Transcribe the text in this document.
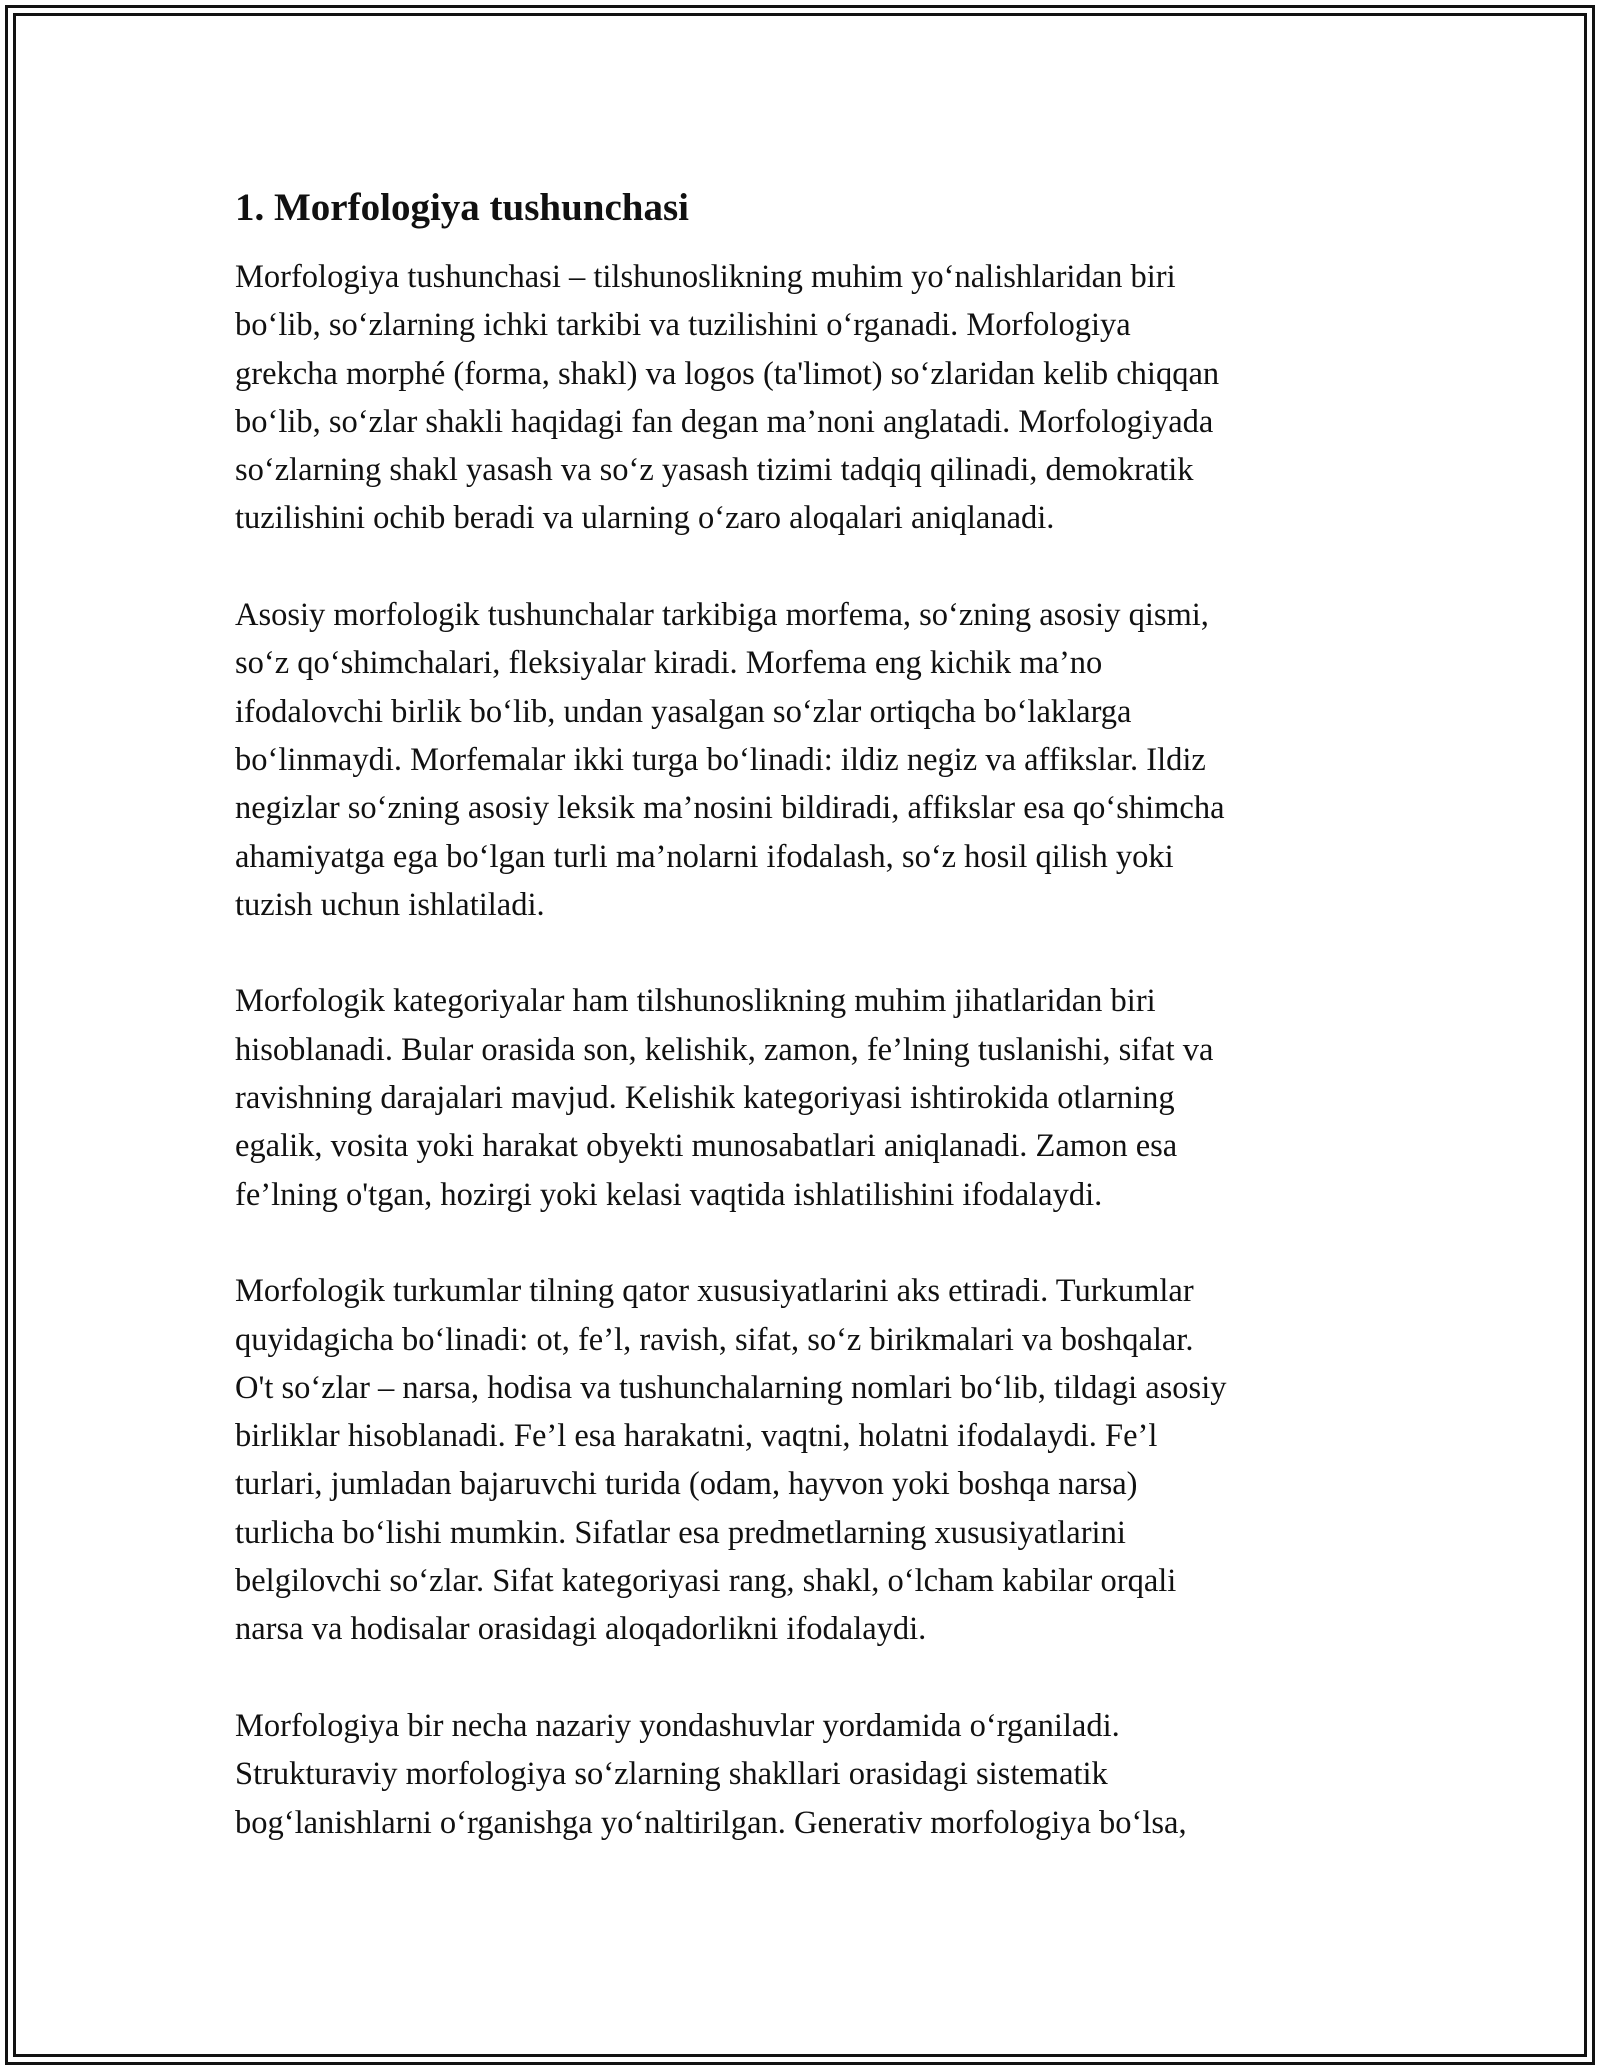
1. Morfologiya tushunchasi
Morfologiya tushunchasi – tilshunoslikning muhim yo‘nalishlaridan biri
bo‘lib, so‘zlarning ichki tarkibi va tuzilishini o‘rganadi. Morfologiya
grekcha morphé (forma, shakl) va logos (ta'limot) so‘zlaridan kelib chiqqan
bo‘lib, so‘zlar shakli haqidagi fan degan ma’noni anglatadi. Morfologiyada
so‘zlarning shakl yasash va so‘z yasash tizimi tadqiq qilinadi, demokratik
tuzilishini ochib beradi va ularning o‘zaro aloqalari aniqlanadi.
Asosiy morfologik tushunchalar tarkibiga morfema, so‘zning asosiy qismi,
so‘z qo‘shimchalari, fleksiyalar kiradi. Morfema eng kichik ma’no
ifodalovchi birlik bo‘lib, undan yasalgan so‘zlar ortiqcha bo‘laklarga
bo‘linmaydi. Morfemalar ikki turga bo‘linadi: ildiz negiz va affikslar. Ildiz
negizlar so‘zning asosiy leksik ma’nosini bildiradi, affikslar esa qo‘shimcha
ahamiyatga ega bo‘lgan turli ma’nolarni ifodalash, so‘z hosil qilish yoki
tuzish uchun ishlatiladi.
Morfologik kategoriyalar ham tilshunoslikning muhim jihatlaridan biri
hisoblanadi. Bular orasida son, kelishik, zamon, fe’lning tuslanishi, sifat va
ravishning darajalari mavjud. Kelishik kategoriyasi ishtirokida otlarning
egalik, vosita yoki harakat obyekti munosabatlari aniqlanadi. Zamon esa
fe’lning o'tgan, hozirgi yoki kelasi vaqtida ishlatilishini ifodalaydi.
Morfologik turkumlar tilning qator xususiyatlarini aks ettiradi. Turkumlar
quyidagicha bo‘linadi: ot, fe’l, ravish, sifat, so‘z birikmalari va boshqalar.
O't so‘zlar – narsa, hodisa va tushunchalarning nomlari bo‘lib, tildagi asosiy
birliklar hisoblanadi. Fe’l esa harakatni, vaqtni, holatni ifodalaydi. Fe’l
turlari, jumladan bajaruvchi turida (odam, hayvon yoki boshqa narsa)
turlicha bo‘lishi mumkin. Sifatlar esa predmetlarning xususiyatlarini
belgilovchi so‘zlar. Sifat kategoriyasi rang, shakl, o‘lcham kabilar orqali
narsa va hodisalar orasidagi aloqadorlikni ifodalaydi.
Morfologiya bir necha nazariy yondashuvlar yordamida o‘rganiladi.
Strukturaviy morfologiya so‘zlarning shakllari orasidagi sistematik
bog‘lanishlarni o‘rganishga yo‘naltirilgan. Generativ morfologiya bo‘lsa,
